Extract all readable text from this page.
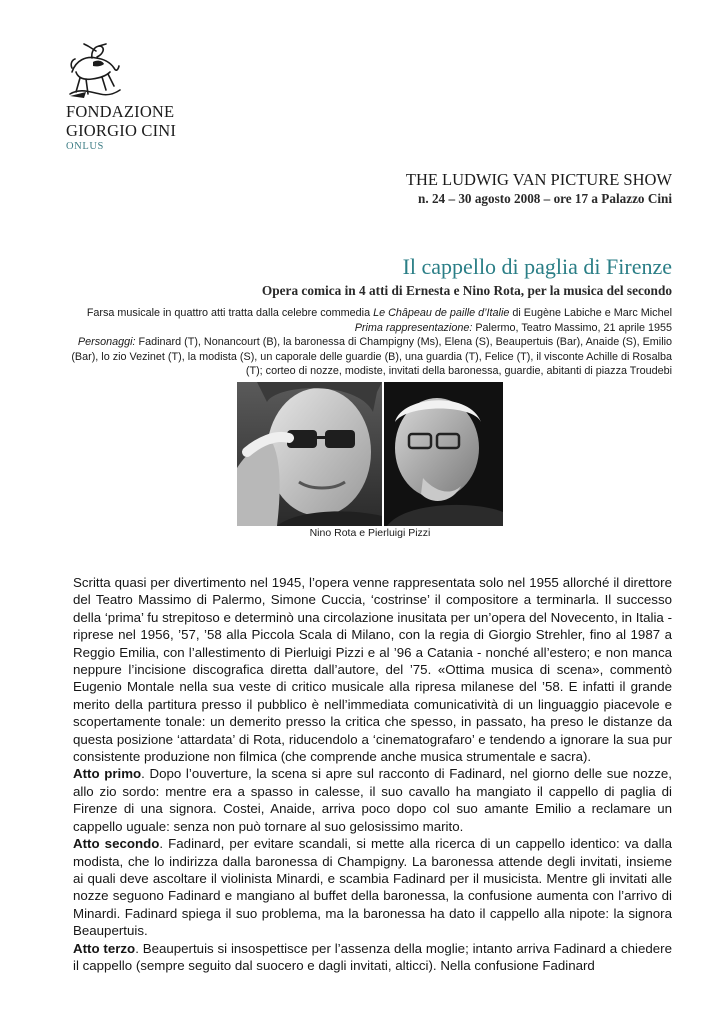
FONDAZIONE
GIORGIO CINI
ONLUS
THE LUDWIG VAN PICTURE SHOW
n. 24 – 30 agosto 2008 – ore 17 a Palazzo Cini
Il cappello di paglia di Firenze
Opera comica in 4 atti di Ernesta e Nino Rota, per la musica del secondo
Farsa musicale in quattro atti tratta dalla celebre commedia Le Chȃpeau de paille d’Italie di Eugène Labiche e Marc Michel
Prima rappresentazione: Palermo, Teatro Massimo, 21 aprile 1955
Personaggi: Fadinard (T), Nonancourt (B), la baronessa di Champigny (Ms), Elena (S), Beaupertuis (Bar), Anaide (S), Emilio (Bar), lo zio Vezinet (T), la modista (S), un caporale delle guardie (B), una guardia (T), Felice (T), il visconte Achille di Rosalba (T); corteo di nozze, modiste, invitati della baronessa, guardie, abitanti di piazza Troudebi
Nino Rota e Pierluigi Pizzi

Scritta quasi per divertimento nel 1945, l’opera venne rappresentata solo nel 1955 allorché il direttore del Teatro Massimo di Palermo, Simone Cuccia, ‘costrinse’ il compositore a terminarla. Il successo della ‘prima’ fu strepitoso e determinò una circolazione inusitata per un’opera del Novecento, in Italia - riprese nel 1956, ’57, ’58 alla Piccola Scala di Milano, con la regia di Giorgio Strehler, fino al 1987 a Reggio Emilia, con l’allestimento di Pierluigi Pizzi e al ’96 a Catania - nonché all’estero; e non manca neppure l’incisione discografica diretta dall’autore, del ’75. «Ottima musica di scena», commentò Eugenio Montale nella sua veste di critico musicale alla ripresa milanese del ’58. E infatti il grande merito della partitura presso il pubblico è nell’immediata comunicatività di un linguaggio piacevole e scopertamente tonale: un demerito presso la critica che spesso, in passato, ha preso le distanze da questa posizione ‘attardata’ di Rota, riducendolo a ‘cinematografaro’ e tendendo a ignorare la sua pur consistente produzione non filmica (che comprende anche musica strumentale e sacra).

Atto primo. Dopo l’ouverture, la scena si apre sul racconto di Fadinard, nel giorno delle sue nozze, allo zio sordo: mentre era a spasso in calesse, il suo cavallo ha mangiato il cappello di paglia di Firenze di una signora. Costei, Anaide, arriva poco dopo col suo amante Emilio a reclamare un cappello uguale: senza non può tornare al suo gelosissimo marito.

Atto secondo. Fadinard, per evitare scandali, si mette alla ricerca di un cappello identico: va dalla modista, che lo indirizza dalla baronessa di Champigny. La baronessa attende degli invitati, insieme ai quali deve ascoltare il violinista Minardi, e scambia Fadinard per il musicista. Mentre gli invitati alle nozze seguono Fadinard e mangiano al buffet della baronessa, la confusione aumenta con l’arrivo di Minardi. Fadinard spiega il suo problema, ma la baronessa ha dato il cappello alla nipote: la signora Beaupertuis.

Atto terzo. Beaupertuis si insospettisce per l’assenza della moglie; intanto arriva Fadinard a chiedere il cappello (sempre seguito dal suocero e dagli invitati, alticci). Nella confusione Fadinard
